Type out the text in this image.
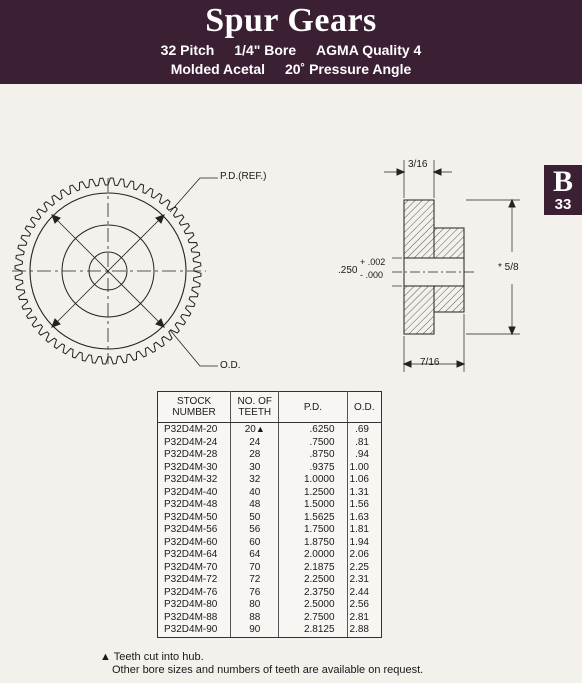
Spur Gears
32 Pitch 1/4" Bore AGMA Quality 4
Molded Acetal 20˚ Pressure Angle
B
33
P.D.(REF.)
O.D.
3/16
.250
+ .002
- .000
* 5/8
7/16
STOCK NUMBER	NO. OF TEETH	P.D.	O.D.
P32D4M-20	20▲	.6250	.69
P32D4M-24	24	.7500	.81
P32D4M-28	28	.8750	.94
P32D4M-30	30	.9375	1.00
P32D4M-32	32	1.0000	1.06
P32D4M-40	40	1.2500	1.31
P32D4M-48	48	1.5000	1.56
P32D4M-50	50	1.5625	1.63
P32D4M-56	56	1.7500	1.81
P32D4M-60	60	1.8750	1.94
P32D4M-64	64	2.0000	2.06
P32D4M-70	70	2.1875	2.25
P32D4M-72	72	2.2500	2.31
P32D4M-76	76	2.3750	2.44
P32D4M-80	80	2.5000	2.56
P32D4M-88	88	2.7500	2.81
P32D4M-90	90	2.8125	2.88
▲ Teeth cut into hub.
Other bore sizes and numbers of teeth are available on request.
